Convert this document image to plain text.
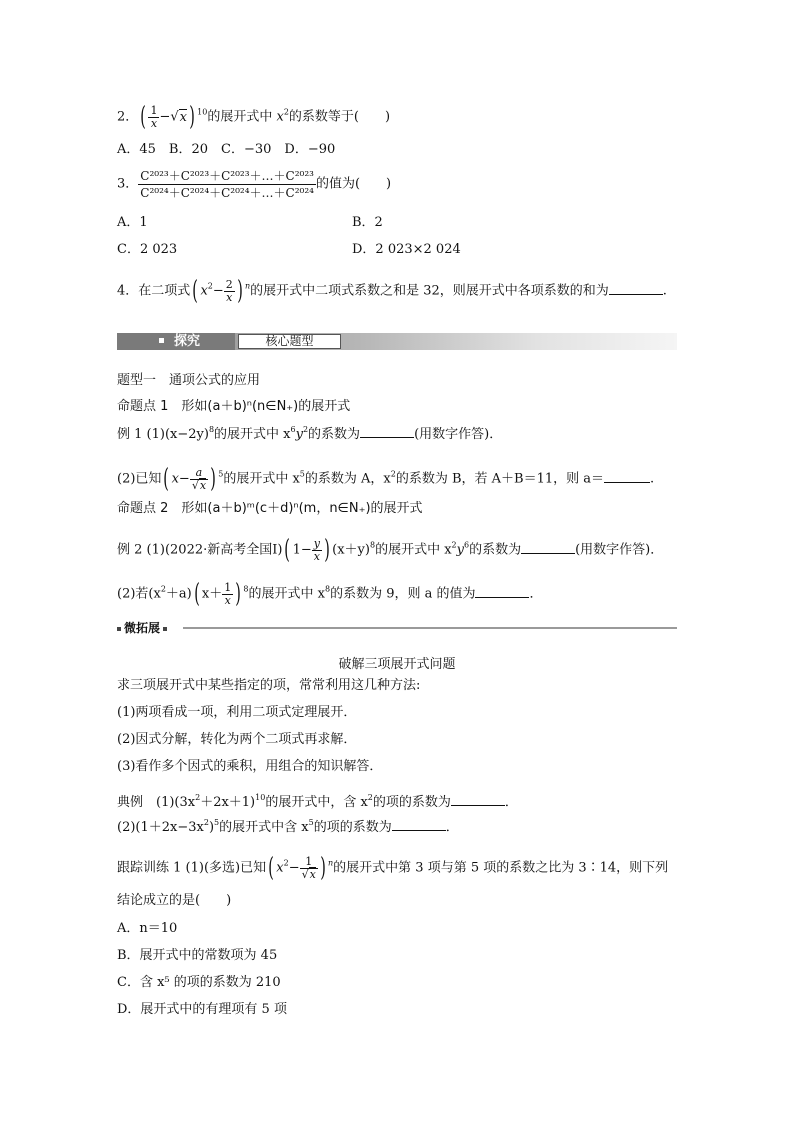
2．( $\frac{1}{x} -√x$) $^{10}$的展开式中 $x^2$的系数等于(　　)
A．45　B．20　C．−30　D．−90
3． $\frac{\text{C²⁰²³＋C²⁰²³＋C²⁰²³＋…＋C²⁰²³}}{\text{C²⁰²⁴＋C²⁰²⁴＋C²⁰²⁴＋…＋C²⁰²⁴}}$ 的值为(　　)
A．1	B．2
C．2 023	D．2 023×2 024
4．在二项式( $x^2- \frac{2}{x}$ ) $^n$的展开式中二项式系数之和是 32，则展开式中各项系数的和为	.
探究	核心题型
题型一　通项公式的应用
命题点 1　形如(a＋b)ⁿ(n∈N₊)的展开式
例 1 $(1)(x-2y)^8$的展开式中 $x^6y^2$的系数为	(用数字作答)．
(2)已知( $x- \frac{a}{√x}$ ) $^5$的展开式中 $x^5$的系数为 A，$x^2$的系数为 B，若 A＋B＝11，则 a＝	.
命题点 2　形如(a＋b)ᵐ(c＋d)ⁿ(m，n∈N₊)的展开式
例 2 (1)(2022·新高考全国Ⅰ)( $1- \frac{y}{x}$ ) $(x+y)^8$的展开式中 $x^2y^6$的系数为	(用数字作答)．
(2)若$(x^2+a)$( $x+ \frac{1}{x}$ ) $^8$的展开式中 $x^8$的系数为 9，则 a 的值为	．
微拓展
破解三项展开式问题
求三项展开式中某些指定的项，常常利用这几种方法:
(1)两项看成一项，利用二项式定理展开．
(2)因式分解，转化为两个二项式再求解．
(3)看作多个因式的乘积，用组合的知识解答．
典例　$(1)(3x^2+2x+1)^{10}$的展开式中，含 $x^2$的项的系数为	．
$(2)(1+2x-3x^2)^5$的展开式中含 $x^5$的项的系数为	．
跟踪训练 1 (1)(多选)已知( $x^2- \frac{1}{√x}$ ) $^n$的展开式中第 3 项与第 5 项的系数之比为 3∶14，则下列
结论成立的是(　　)
A．n＝10
B．展开式中的常数项为 45
C．含 x⁵ 的项的系数为 210
D．展开式中的有理项有 5 项
